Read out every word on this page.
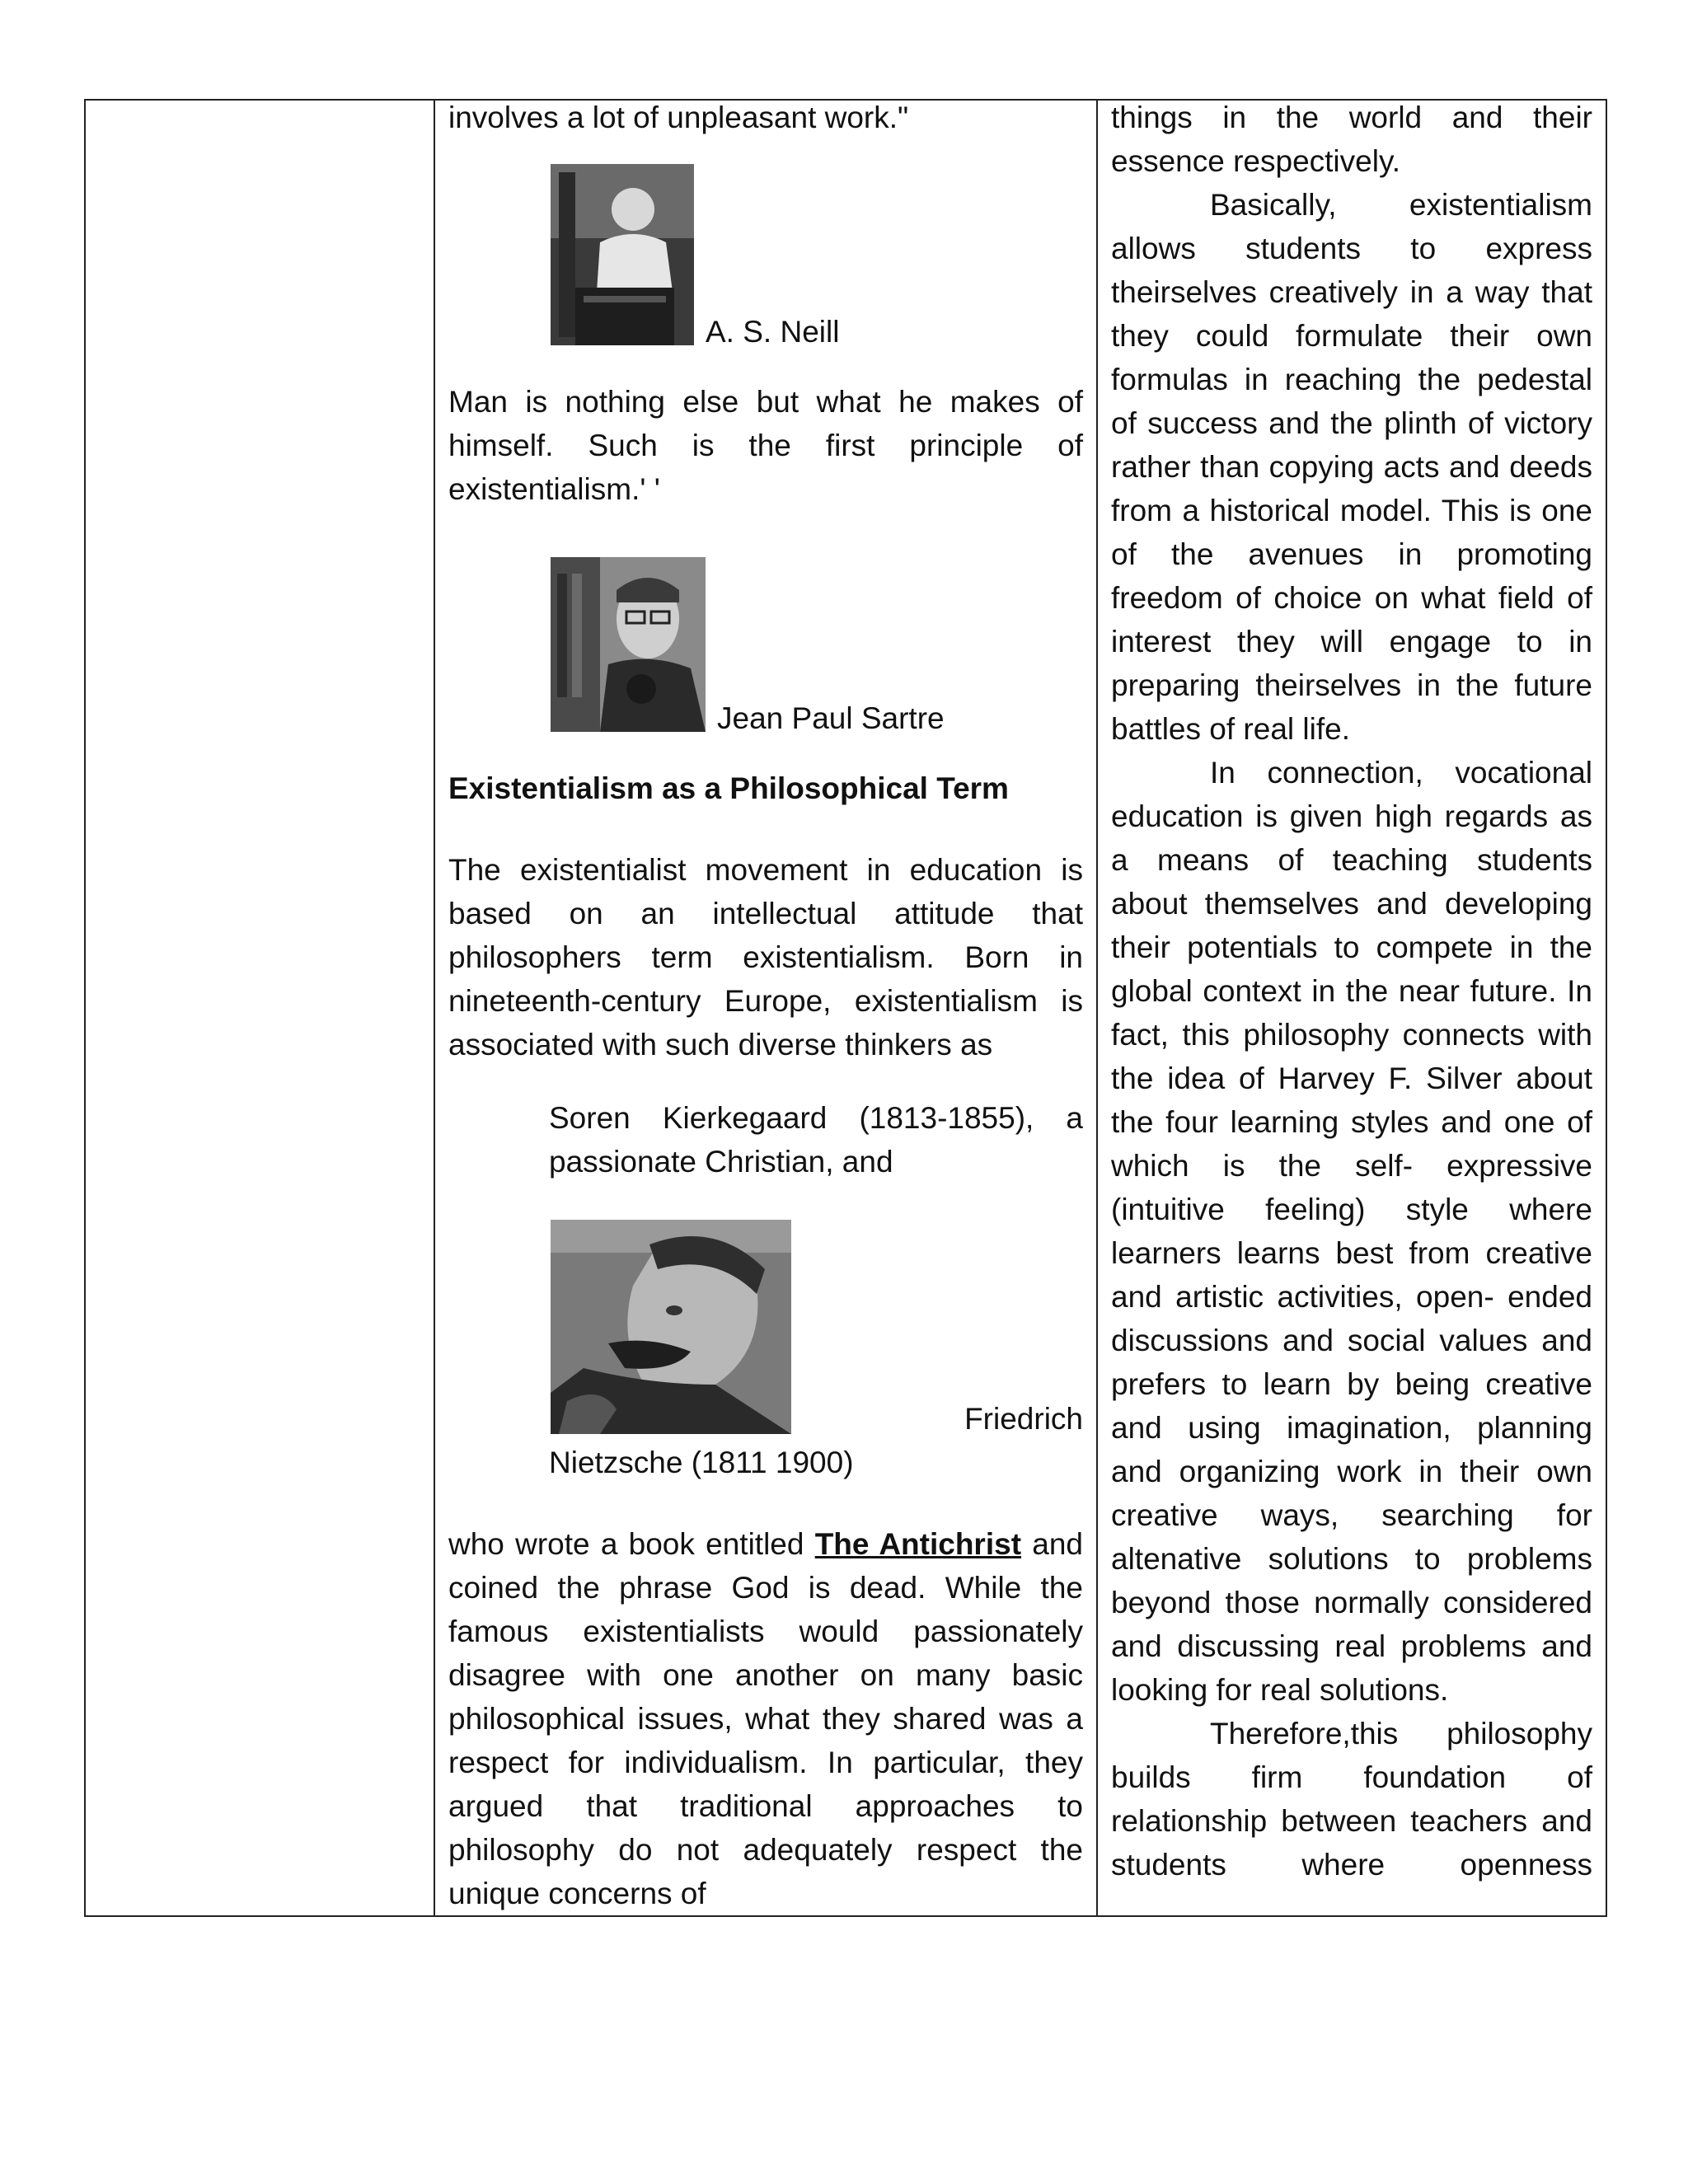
involves a lot of unpleasant work."

A. S. Neill

Man is nothing else but what he makes of himself. Such is the first principle of existentialism.' '

Jean Paul Sartre

Existentialism as a Philosophical Term

The existentialist movement in education is based on an intellectual attitude that philosophers term existentialism. Born in nineteenth-century Europe, existentialism is associated with such diverse thinkers as

Soren Kierkegaard (1813-1855), a passionate Christian, and

Friedrich

Nietzsche (1811 1900)

who wrote a book entitled The Antichrist and coined the phrase God is dead. While the famous existentialists would passionately disagree with one another on many basic philosophical issues, what they shared was a respect for individualism. In particular, they argued that traditional approaches to philosophy do not adequately respect the unique concerns of

things in the world and their essence respectively.

Basically, existentialism allows students to express theirselves creatively in a way that they could formulate their own formulas in reaching the pedestal of success and the plinth of victory rather than copying acts and deeds from a historical model. This is one of the avenues in promoting freedom of choice on what field of interest they will engage to in preparing theirselves in the future battles of real life.

In connection, vocational education is given high regards as a means of teaching students about themselves and developing their potentials to compete in the global context in the near future. In fact, this philosophy connects with the idea of Harvey F. Silver about the four learning styles and one of which is the self- expressive (intuitive feeling) style where learners learns best from creative and artistic activities, open- ended discussions and social values and prefers to learn by being creative and using imagination, planning and organizing work in their own creative ways, searching for altenative solutions to problems beyond those normally considered and discussing real problems and looking for real solutions.

Therefore,this philosophy builds firm foundation of relationship between teachers and students where openness
